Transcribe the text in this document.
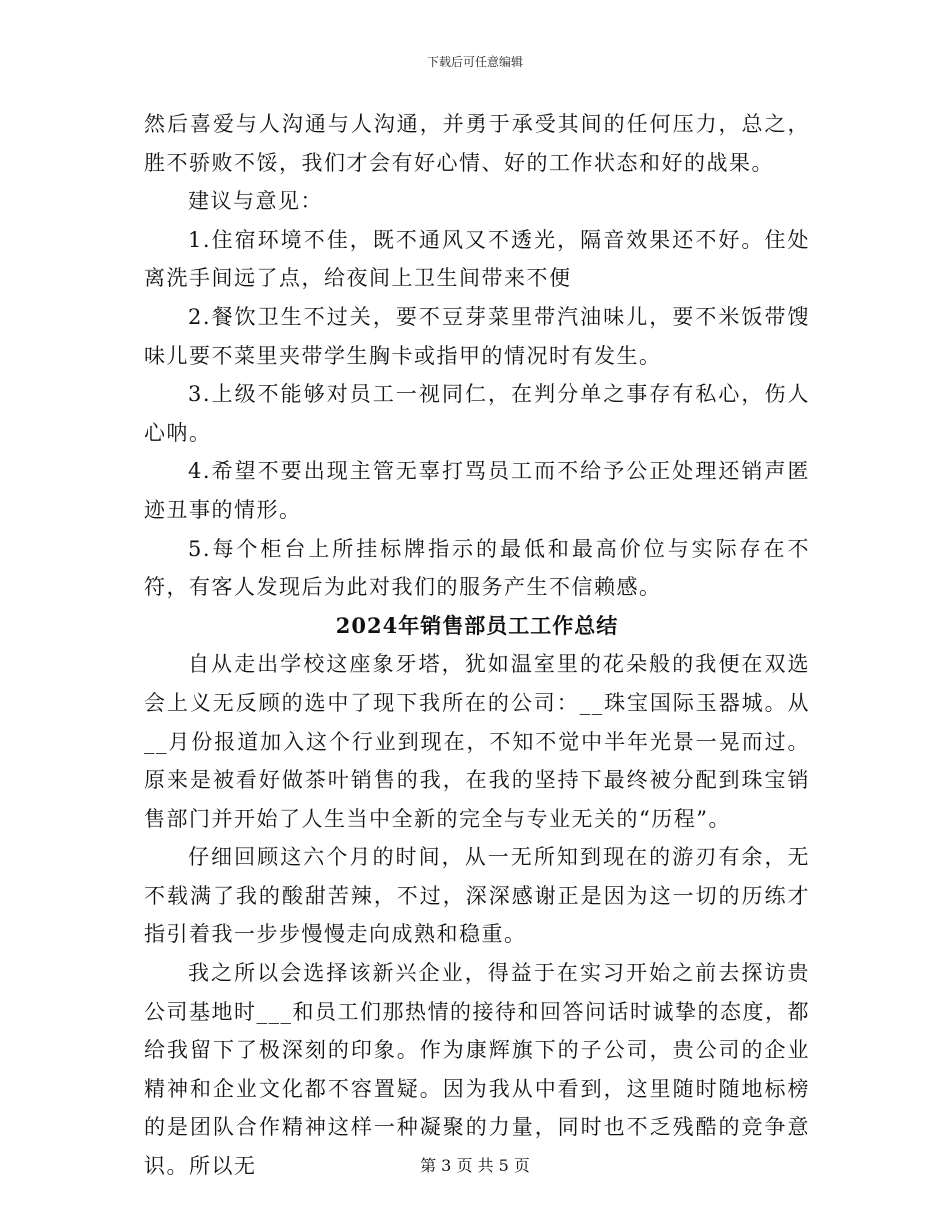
下载后可任意编辑

然后喜爱与人沟通与人沟通，并勇于承受其间的任何压力，总之，胜不骄败不馁，我们才会有好心情、好的工作状态和好的战果。

建议与意见：

1.住宿环境不佳，既不通风又不透光，隔音效果还不好。住处离洗手间远了点，给夜间上卫生间带来不便

2.餐饮卫生不过关，要不豆芽菜里带汽油味儿，要不米饭带馊味儿要不菜里夹带学生胸卡或指甲的情况时有发生。

3.上级不能够对员工一视同仁，在判分单之事存有私心，伤人心呐。

4.希望不要出现主管无辜打骂员工而不给予公正处理还销声匿迹丑事的情形。

5.每个柜台上所挂标牌指示的最低和最高价位与实际存在不符，有客人发现后为此对我们的服务产生不信赖感。

2024年销售部员工工作总结

自从走出学校这座象牙塔，犹如温室里的花朵般的我便在双选会上义无反顾的选中了现下我所在的公司：__珠宝国际玉器城。从__月份报道加入这个行业到现在，不知不觉中半年光景一晃而过。原来是被看好做茶叶销售的我，在我的坚持下最终被分配到珠宝销售部门并开始了人生当中全新的完全与专业无关的“历程”。

仔细回顾这六个月的时间，从一无所知到现在的游刃有余，无不载满了我的酸甜苦辣，不过，深深感谢正是因为这一切的历练才指引着我一步步慢慢走向成熟和稳重。

我之所以会选择该新兴企业，得益于在实习开始之前去探访贵公司基地时___和员工们那热情的接待和回答问话时诚挚的态度，都给我留下了极深刻的印象。作为康辉旗下的子公司，贵公司的企业精神和企业文化都不容置疑。因为我从中看到，这里随时随地标榜的是团队合作精神这样一种凝聚的力量，同时也不乏残酷的竞争意识。所以无	第 3 页 共 5 页
